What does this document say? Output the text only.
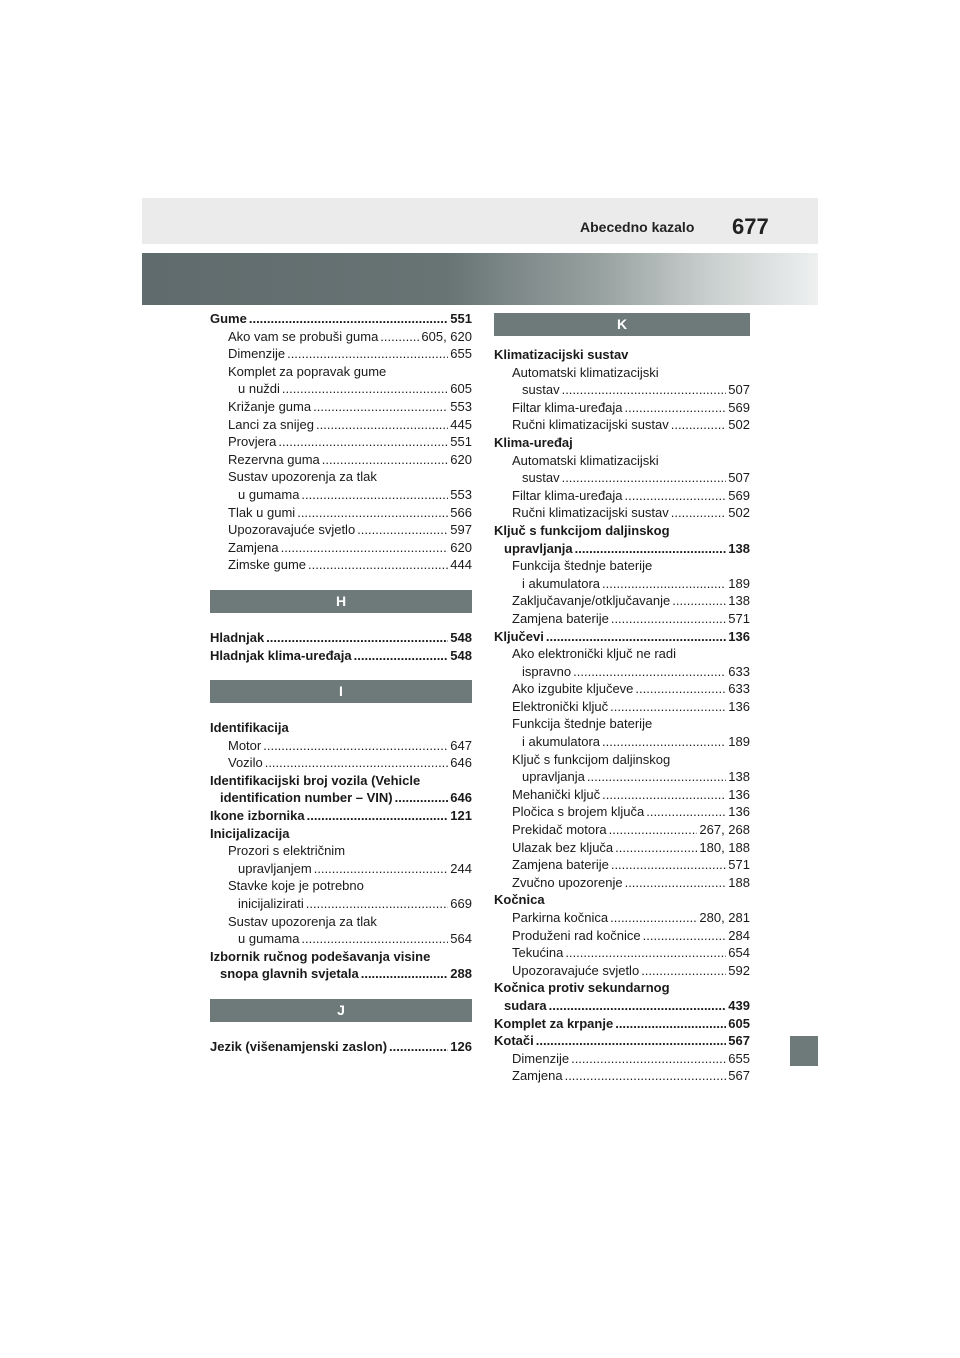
Abecedno kazalo 677
Gume .....	551
Ako vam se probuši guma .....	605, 620
Dimenzije .....	655
Komplet za popravak gume
u nuždi .....	605
Križanje guma .....	553
Lanci za snijeg .....	445
Provjera .....	551
Rezervna guma .....	620
Sustav upozorenja za tlak
u gumama .....	553
Tlak u gumi .....	566
Upozoravajuće svjetlo .....	597
Zamjena .....	620
Zimske gume .....	444
H
Hladnjak .....	548
Hladnjak klima-uređaja .....	548
I
Identifikacija
Motor .....	647
Vozilo .....	646
Identifikacijski broj vozila (Vehicle
identification number – VIN) .....	646
Ikone izbornika .....	121
Inicijalizacija
Prozori s električnim
upravljanjem .....	244
Stavke koje je potrebno
inicijalizirati .....	669
Sustav upozorenja za tlak
u gumama .....	564
Izbornik ručnog podešavanja visine
snopa glavnih svjetala .....	288
J
Jezik (višenamjenski zaslon) .....	126
K
Klimatizacijski sustav
Automatski klimatizacijski
sustav .....	507
Filtar klima-uređaja .....	569
Ručni klimatizacijski sustav .....	502
Klima-uređaj
Automatski klimatizacijski
sustav .....	507
Filtar klima-uređaja .....	569
Ručni klimatizacijski sustav .....	502
Ključ s funkcijom daljinskog
upravljanja .....	138
Funkcija štednje baterije
i akumulatora .....	189
Zaključavanje/otključavanje .....	138
Zamjena baterije .....	571
Ključevi .....	136
Ako elektronički ključ ne radi
ispravno .....	633
Ako izgubite ključeve .....	633
Elektronički ključ .....	136
Funkcija štednje baterije
i akumulatora .....	189
Ključ s funkcijom daljinskog
upravljanja .....	138
Mehanički ključ .....	136
Pločica s brojem ključa .....	136
Prekidač motora .....	267, 268
Ulazak bez ključa .....	180, 188
Zamjena baterije .....	571
Zvučno upozorenje .....	188
Kočnica
Parkirna kočnica .....	280, 281
Produženi rad kočnice .....	284
Tekućina .....	654
Upozoravajuće svjetlo .....	592
Kočnica protiv sekundarnog
sudara .....	439
Komplet za krpanje .....	605
Kotači .....	567
Dimenzije .....	655
Zamjena .....	567
